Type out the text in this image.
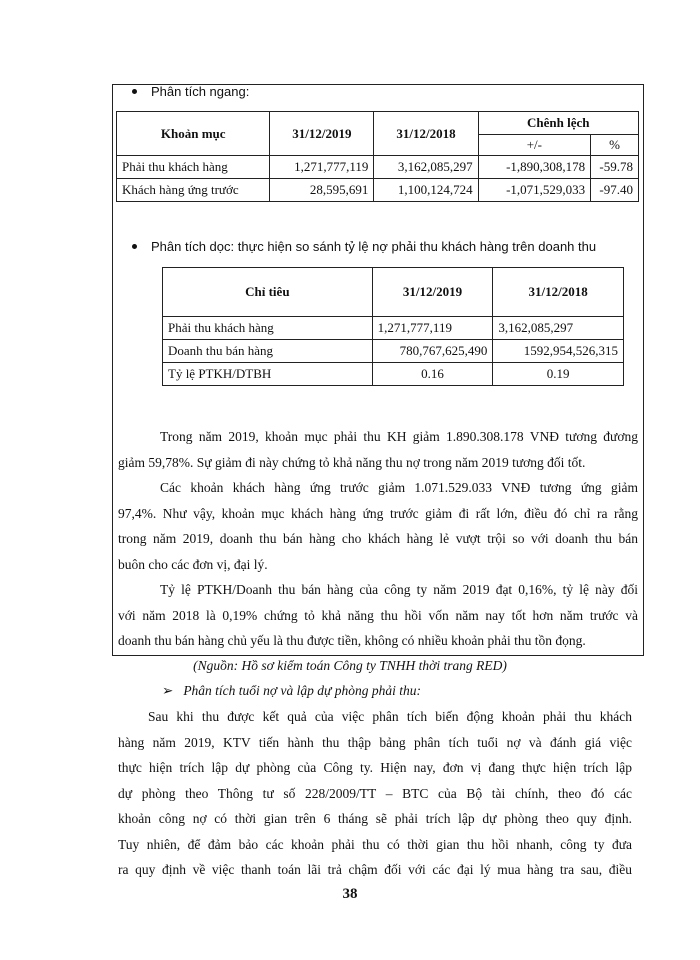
Phân tích ngang:
Khoản mục	31/12/2019	31/12/2018	Chênh lệch	
			+/-	%
Phải thu khách hàng	1,271,777,119	3,162,085,297	-1,890,308,178	-59.78
Khách hàng ứng trước	28,595,691	1,100,124,724	-1,071,529,033	-97.40
Phân tích dọc: thực hiện so sánh tỷ lệ nợ phải thu khách hàng trên doanh thu
Chỉ tiêu	31/12/2019	31/12/2018
Phải thu khách hàng	1,271,777,119	3,162,085,297
Doanh thu bán hàng	780,767,625,490	1592,954,526,315
Tỷ lệ PTKH/DTBH	0.16	0.19
Trong năm 2019, khoản mục phải thu KH giảm 1.890.308.178 VNĐ tương đương
giảm 59,78%. Sự giảm đi này chứng tỏ khả năng thu nợ trong năm 2019 tương đối tốt.
Các khoản khách hàng ứng trước giảm 1.071.529.033 VNĐ tương ứng giảm
97,4%. Như vậy, khoản mục khách hàng ứng trước giảm đi rất lớn, điều đó chỉ ra rằng
trong năm 2019, doanh thu bán hàng cho khách hàng lẻ vượt trội so với doanh thu bán
buôn cho các đơn vị, đại lý.
Tỷ lệ PTKH/Doanh thu bán hàng của công ty năm 2019 đạt 0,16%, tỷ lệ này đối
với năm 2018 là 0,19% chứng tỏ khả năng thu hồi vốn năm nay tốt hơn năm trước và
doanh thu bán hàng chủ yếu là thu được tiền, không có nhiều khoản phải thu tồn đọng.
(Nguồn: Hồ sơ kiểm toán Công ty TNHH thời trang RED)
➢ Phân tích tuổi nợ và lập dự phòng phải thu:
Sau khi thu được kết quả của việc phân tích biến động khoản phải thu khách
hàng năm 2019, KTV tiến hành thu thập bảng phân tích tuổi nợ và đánh giá việc
thực hiện trích lập dự phòng của Công ty. Hiện nay, đơn vị đang thực hiện trích lập
dự phòng theo Thông tư số 228/2009/TT – BTC của Bộ tài chính, theo đó các
khoản công nợ có thời gian trên 6 tháng sẽ phải trích lập dự phòng theo quy định.
Tuy nhiên, để đảm bảo các khoản phải thu có thời gian thu hồi nhanh, công ty đưa
ra quy định về việc thanh toán lãi trả chậm đối với các đại lý mua hàng tra sau, điều
38
